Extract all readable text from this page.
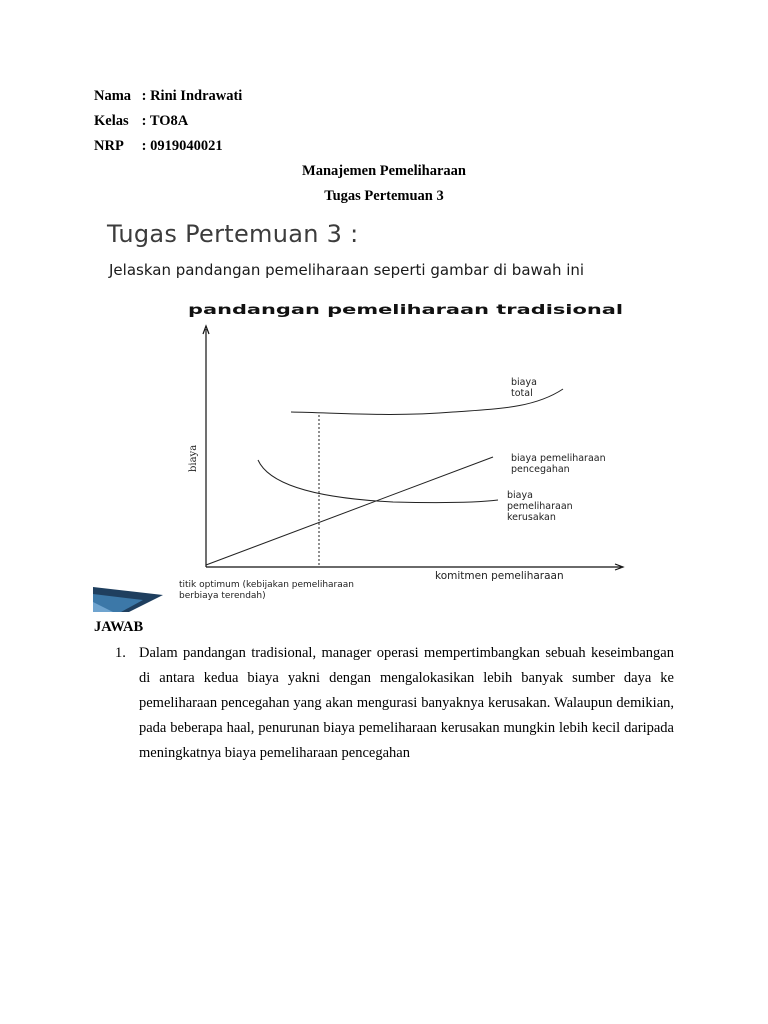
Nama : Rini Indrawati
Kelas : TO8A
NRP : 0919040021
Manajemen Pemeliharaan
Tugas Pertemuan 3
Tugas Pertemuan 3 :
Jelaskan pandangan pemeliharaan seperti gambar di bawah ini
pandangan pemeliharaan tradisional
biaya
komitmen pemeliharaan
biaya
total
biaya pemeliharaan
pencegahan
biaya
pemeliharaan
kerusakan
titik optimum (kebijakan pemeliharaan
berbiaya terendah)
JAWAB
1. Dalam pandangan tradisional, manager operasi mempertimbangkan sebuah keseimbangan di antara kedua biaya yakni dengan mengalokasikan lebih banyak sumber daya ke pemeliharaan pencegahan yang akan mengurasi banyaknya kerusakan. Walaupun demikian, pada beberapa haal, penurunan biaya pemeliharaan kerusakan mungkin lebih kecil daripada meningkatnya biaya pemeliharaan pencegahan
